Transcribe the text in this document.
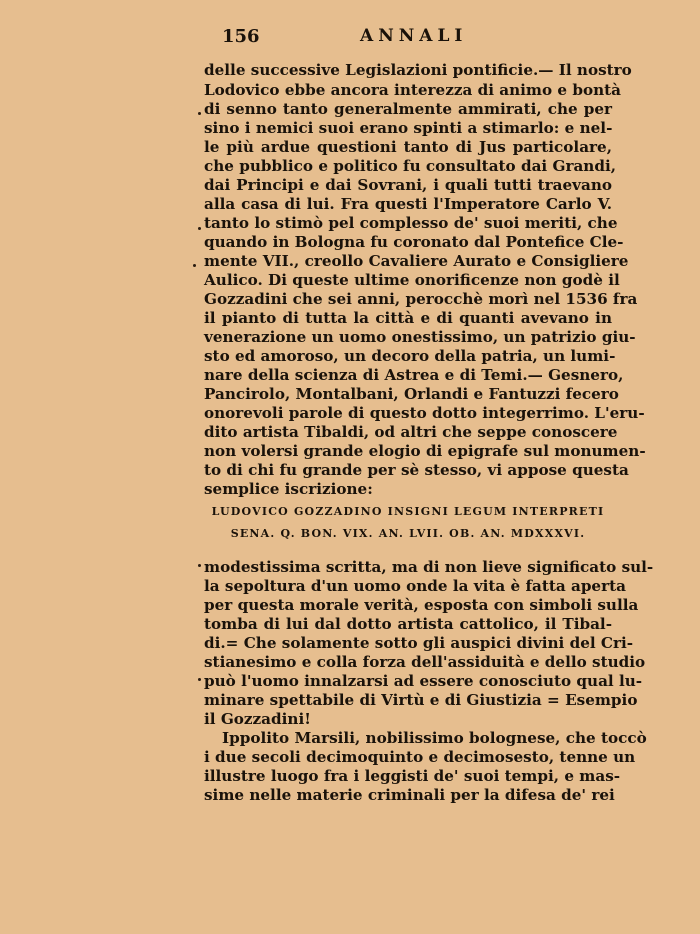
156	ANNALI
delle successive Legislazioni pontificie.— Il nostro
Lodovico ebbe ancora interezza di animo e bontà
di senno tanto generalmente ammirati, che per
sino i nemici suoi erano spinti a stimarlo: e nel-
le più ardue questioni tanto di Jus particolare,
che pubblico e politico fu consultato dai Grandi,
dai Principi e dai Sovrani, i quali tutti traevano
alla casa di lui. Fra questi l'Imperatore Carlo V.
tanto lo stimò pel complesso de' suoi meriti, che
quando in Bologna fu coronato dal Pontefice Cle-
mente VII., creollo Cavaliere Aurato e Consigliere
Aulico. Di queste ultime onorificenze non godè il
Gozzadini che sei anni, perocchè morì nel 1536 fra
il pianto di tutta la città e di quanti avevano in
venerazione un uomo onestissimo, un patrizio giu-
sto ed amoroso, un decoro della patria, un lumi-
nare della scienza di Astrea e di Temi.— Gesnero,
Pancirolo, Montalbani, Orlandi e Fantuzzi fecero
onorevoli parole di questo dotto integerrimo. L'eru-
dito artista Tibaldi, od altri che seppe conoscere
non volersi grande elogio di epigrafe sul monumen-
to di chi fu grande per sè stesso, vi appose questa
semplice iscrizione:
LUDOVICO GOZZADINO INSIGNI LEGUM INTERPRETI
SENA. Q. BON. VIX. AN. LVII. OB. AN. MDXXXVI.
modestissima scritta, ma di non lieve significato sul-
la sepoltura d'un uomo onde la vita è fatta aperta
per questa morale verità, esposta con simboli sulla
tomba di lui dal dotto artista cattolico, il Tibal-
di.= Che solamente sotto gli auspici divini del Cri-
stianesimo e colla forza dell'assiduità e dello studio
può l'uomo innalzarsi ad essere conosciuto qual lu-
minare spettabile di Virtù e di Giustizia = Esempio
il Gozzadini!
Ippolito Marsili, nobilissimo bolognese, che toccò
i due secoli decimoquinto e decimosesto, tenne un
illustre luogo fra i leggisti de' suoi tempi, e mas-
sime nelle materie criminali per la difesa de' rei
